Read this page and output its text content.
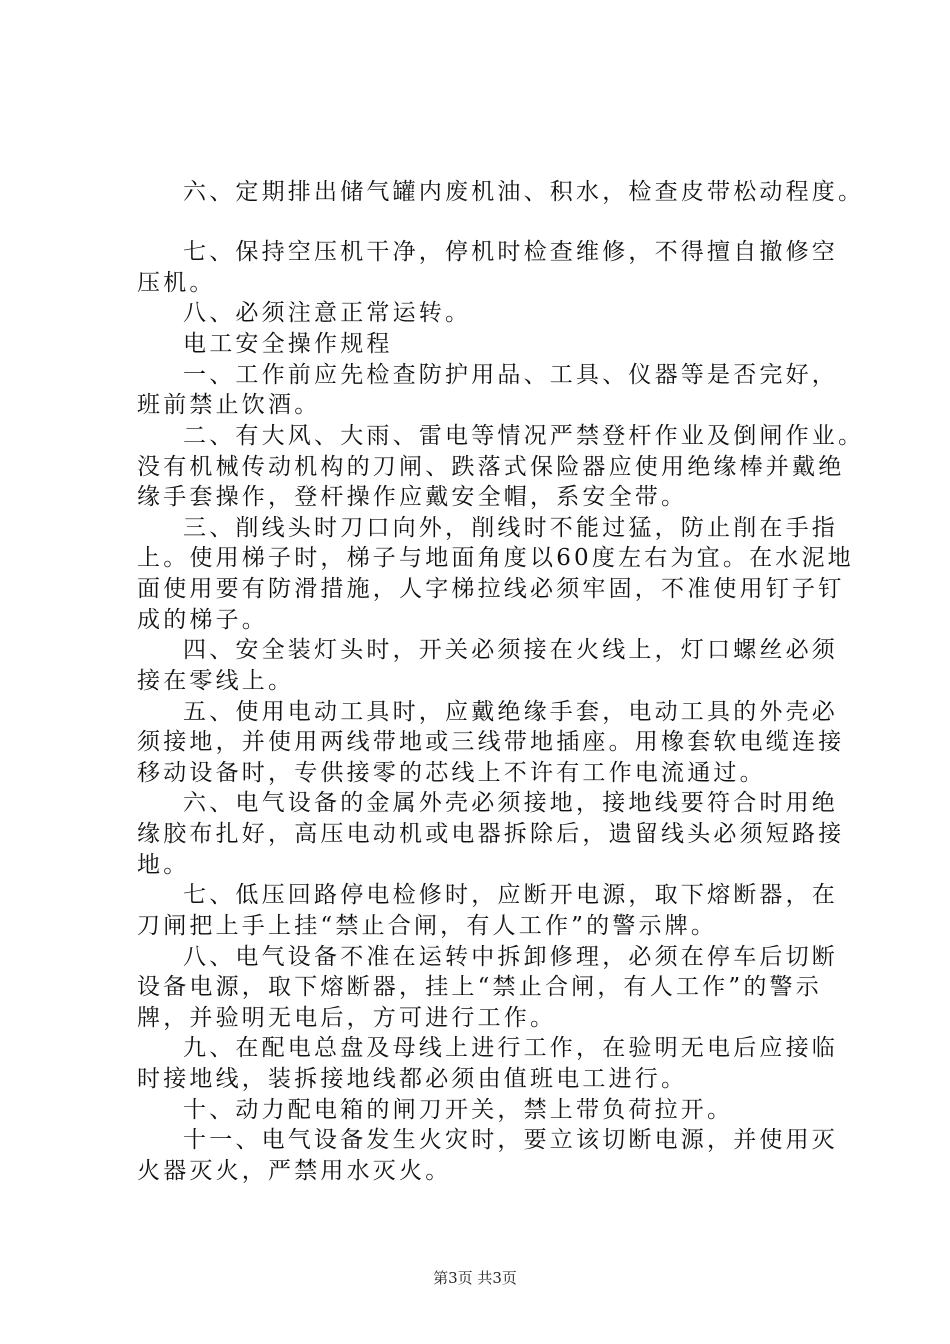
六、定期排出储气罐内废机油、积水，检查皮带松动程度。
七、保持空压机干净，停机时检查维修，不得擅自撤修空
压机。
八、必须注意正常运转。
电工安全操作规程
一、工作前应先检查防护用品、工具、仪器等是否完好，
班前禁止饮酒。
二、有大风、大雨、雷电等情况严禁登杆作业及倒闸作业。
没有机械传动机构的刀闸、跌落式保险器应使用绝缘棒并戴绝
缘手套操作，登杆操作应戴安全帽，系安全带。
三、削线头时刀口向外，削线时不能过猛，防止削在手指
上。使用梯子时，梯子与地面角度以60度左右为宜。在水泥地
面使用要有防滑措施，人字梯拉线必须牢固，不准使用钉子钉
成的梯子。
四、安全装灯头时，开关必须接在火线上，灯口螺丝必须
接在零线上。
五、使用电动工具时，应戴绝缘手套，电动工具的外壳必
须接地，并使用两线带地或三线带地插座。用橡套软电缆连接
移动设备时，专供接零的芯线上不许有工作电流通过。
六、电气设备的金属外壳必须接地，接地线要符合时用绝
缘胶布扎好，高压电动机或电器拆除后，遗留线头必须短路接
地。
七、低压回路停电检修时，应断开电源，取下熔断器，在
刀闸把上手上挂“禁止合闸，有人工作”的警示牌。
八、电气设备不准在运转中拆卸修理，必须在停车后切断
设备电源，取下熔断器，挂上“禁止合闸，有人工作”的警示
牌，并验明无电后，方可进行工作。
九、在配电总盘及母线上进行工作，在验明无电后应接临
时接地线，装拆接地线都必须由值班电工进行。
十、动力配电箱的闸刀开关，禁上带负荷拉开。
十一、电气设备发生火灾时，要立该切断电源，并使用灭
火器灭火，严禁用水灭火。
第3页 共3页
